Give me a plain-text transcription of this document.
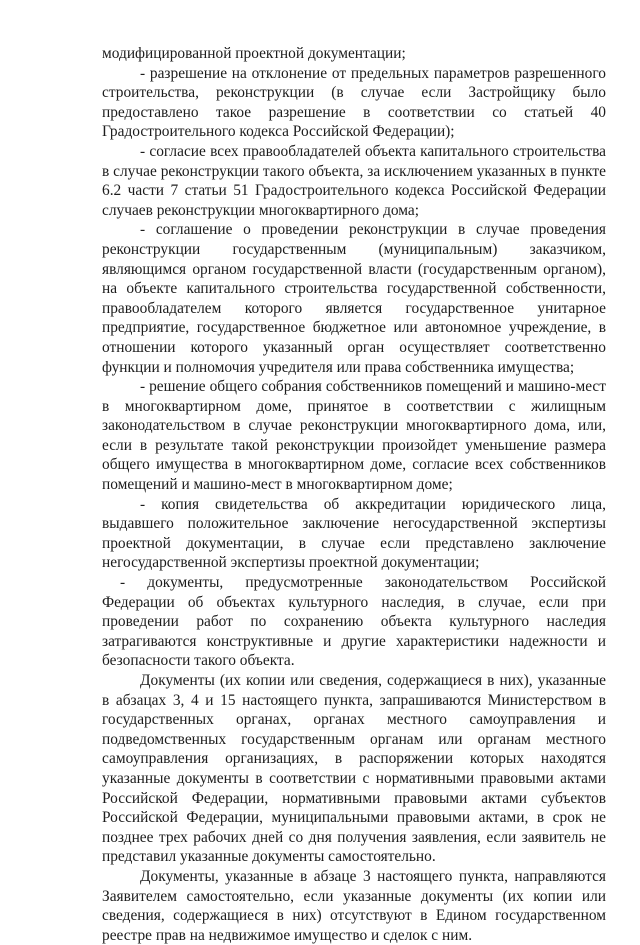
модифицированной проектной документации;

- разрешение на отклонение от предельных параметров разрешенного строительства, реконструкции (в случае если Застройщику было предоставлено такое разрешение в соответствии со статьей 40 Градостроительного кодекса Российской Федерации);

- согласие всех правообладателей объекта капитального строительства в случае реконструкции такого объекта, за исключением указанных в пункте 6.2 части 7 статьи 51 Градостроительного кодекса Российской Федерации случаев реконструкции многоквартирного дома;

- соглашение о проведении реконструкции в случае проведения реконструкции государственным (муниципальным) заказчиком, являющимся органом государственной власти (государственным органом), на объекте капитального строительства государственной собственности, правообладателем которого является государственное унитарное предприятие, государственное бюджетное или автономное учреждение, в отношении которого указанный орган осуществляет соответственно функции и полномочия учредителя или права собственника имущества;

- решение общего собрания собственников помещений и машино-мест в многоквартирном доме, принятое в соответствии с жилищным законодательством в случае реконструкции многоквартирного дома, или, если в результате такой реконструкции произойдет уменьшение размера общего имущества в многоквартирном доме, согласие всех собственников помещений и машино-мест в многоквартирном доме;

- копия свидетельства об аккредитации юридического лица, выдавшего положительное заключение негосударственной экспертизы проектной документации, в случае если представлено заключение негосударственной экспертизы проектной документации;

- документы, предусмотренные законодательством Российской Федерации об объектах культурного наследия, в случае, если при проведении работ по сохранению объекта культурного наследия затрагиваются конструктивные и другие характеристики надежности и безопасности такого объекта.

Документы (их копии или сведения, содержащиеся в них), указанные в абзацах 3, 4 и 15 настоящего пункта, запрашиваются Министерством в государственных органах, органах местного самоуправления и подведомственных государственным органам или органам местного самоуправления организациях, в распоряжении которых находятся указанные документы в соответствии с нормативными правовыми актами Российской Федерации, нормативными правовыми актами субъектов Российской Федерации, муниципальными правовыми актами, в срок не позднее трех рабочих дней со дня получения заявления, если заявитель не представил указанные документы самостоятельно.

Документы, указанные в абзаце 3 настоящего пункта, направляются Заявителем самостоятельно, если указанные документы (их копии или сведения, содержащиеся в них) отсутствуют в Едином государственном реестре прав на недвижимое имущество и сделок с ним.
